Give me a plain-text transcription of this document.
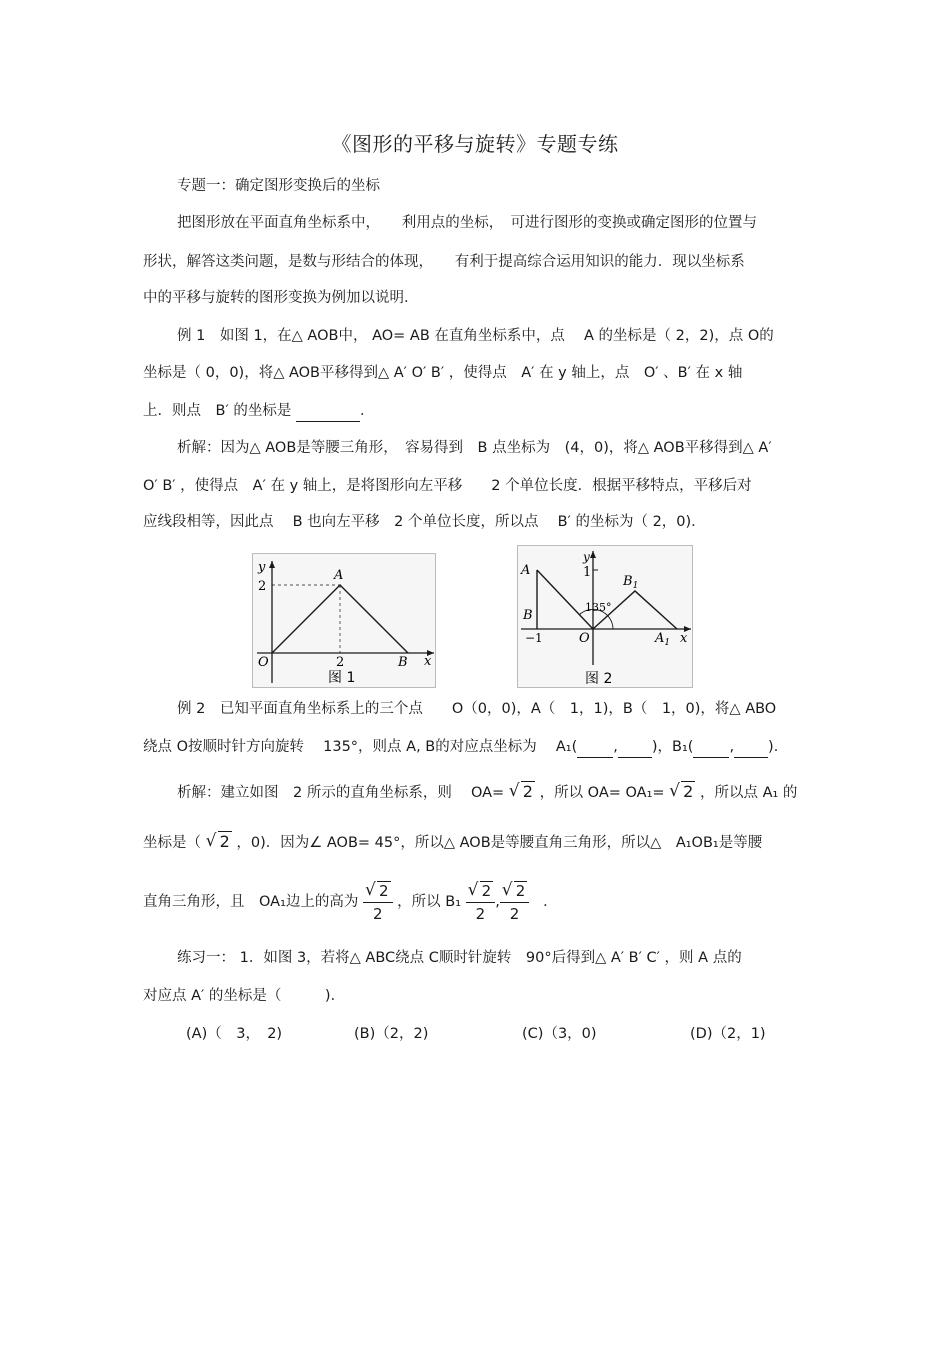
《图形的平移与旋转》专题专练
专题一：确定图形变换后的坐标
把图形放在平面直角坐标系中，　　利用点的坐标，　可进行图形的变换或确定图形的位置与
形状，解答这类问题，是数与形结合的体现，　　有利于提高综合运用知识的能力．现以坐标系
中的平移与旋转的图形变换为例加以说明．
例 1　如图 1，在△ AOB中， AO= AB 在直角坐标系中，点　 A 的坐标是（ 2，2)，点 O的
坐标是（ 0，0)，将△ AOB平移得到△ A′ O′ B′ ，使得点　A′ 在 y 轴上，点　O′ 、B′ 在 x 轴
上．则点　B′ 的坐标是	．
析解：因为△ AOB是等腰三角形，　容易得到　B 点坐标为　(4，0)，将△ AOB平移得到△ A′
O′ B′ ，使得点　A′ 在 y 轴上，是将图形向左平移　　2 个单位长度．根据平移特点，平移后对
应线段相等，因此点　 B 也向左平移　2 个单位长度，所以点　 B′ 的坐标为（ 2，0)．
y
x
2
2
O
A
B
图 1
A
B
−1	O
1
y
x
$B_1$
$A_1$
135°
图 2
例 2　已知平面直角坐标系上的三个点　　O（0，0)，A（　1，1)，B（　1，0)，将△ ABO
绕点 O按顺时针方向旋转　 135°，则点 A, B的对应点坐标为　 A₁( , )，B₁( , )．
析解：建立如图　2 所示的直角坐标系，则　 OA= √ 2 ，所以 OA= OA₁= √ 2 ，所以点 A₁ 的
坐标是（ √ 2 ，0)．因为∠ AOB= 45°，所以△ AOB是等腰直角三角形，所以△　A₁OB₁是等腰
直角三角形，且　OA₁边上的高为 $\frac{√ 2}{2}$ ，所以 $B_1 \frac{√ 2}{2}$ , $\frac{√ 2}{2}$ ．
练习一： 1．如图 3，若将△ ABC绕点 C顺时针旋转　90°后得到△ A′ B′ C′ ，则 A 点的
对应点 A′ 的坐标是（　　　)．
(A)（　3，　2)	(B)（2，2)	(C)（3，0)	(D)（2，1)
